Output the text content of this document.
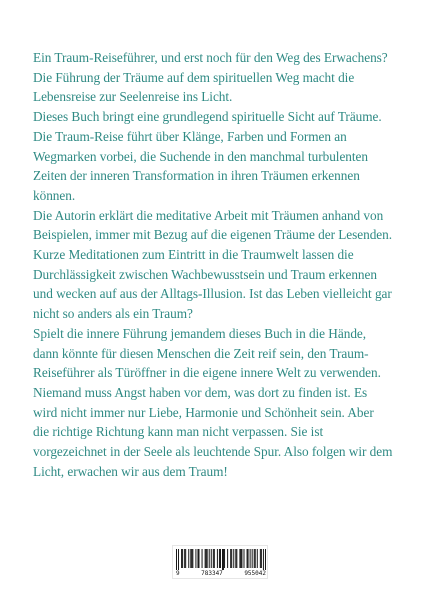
Ein Traum-Reiseführer, und erst noch für den Weg des Erwachens? Die Führung der Träume auf dem spirituellen Weg macht die Lebensreise zur Seelenreise ins Licht.

Dieses Buch bringt eine grundlegend spirituelle Sicht auf Träume. Die Traum-Reise führt über Klänge, Farben und Formen an Wegmarken vorbei, die Suchende in den manchmal turbulenten Zeiten der inneren Transformation in ihren Träumen erkennen können.

Die Autorin erklärt die meditative Arbeit mit Träumen anhand von Beispielen, immer mit Bezug auf die eigenen Träume der Lesenden. Kurze Meditationen zum Eintritt in die Traumwelt lassen die Durchlässigkeit zwischen Wachbewusstsein und Traum erkennen und wecken auf aus der Alltags-Illusion. Ist das Leben vielleicht gar nicht so anders als ein Traum?

Spielt die innere Führung jemandem dieses Buch in die Hände, dann könnte für diesen Menschen die Zeit reif sein, den Traum-Reiseführer als Türöffner in die eigene innere Welt zu verwenden. Niemand muss Angst haben vor dem, was dort zu finden ist. Es wird nicht immer nur Liebe, Harmonie und Schönheit sein. Aber die richtige Richtung kann man nicht verpassen. Sie ist vorgezeichnet in der Seele als leuchtende Spur. Also folgen wir dem Licht, erwachen wir aus dem Traum!

9	783347	955042
